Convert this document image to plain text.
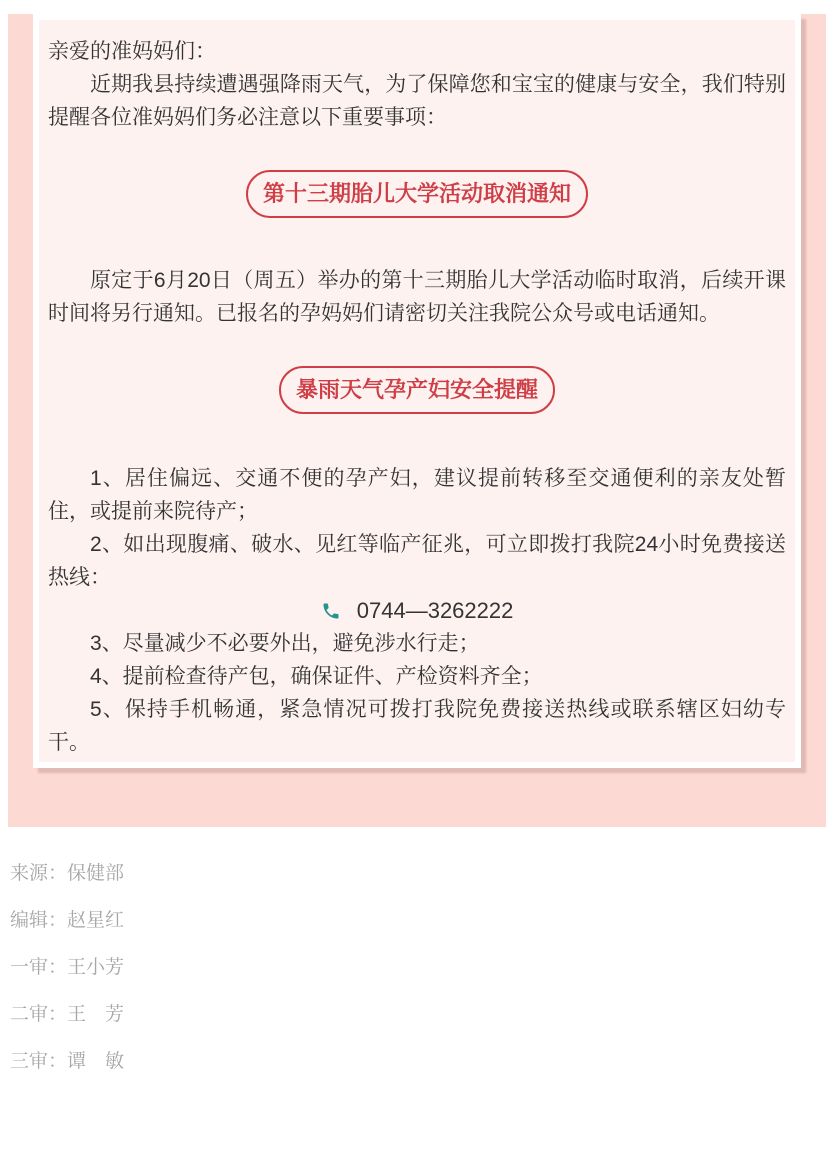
亲爱的准妈妈们：

近期我县持续遭遇强降雨天气，为了保障您和宝宝的健康与安全，我们特别提醒各位准妈妈们务必注意以下重要事项：

第十三期胎儿大学活动取消通知

原定于6月20日（周五）举办的第十三期胎儿大学活动临时取消，后续开课时间将另行通知。已报名的孕妈妈们请密切关注我院公众号或电话通知。

暴雨天气孕产妇安全提醒

1、居住偏远、交通不便的孕产妇，建议提前转移至交通便利的亲友处暂住，或提前来院待产；

2、如出现腹痛、破水、见红等临产征兆，可立即拨打我院24小时免费接送热线：

0744—3262222

3、尽量减少不必要外出，避免涉水行走；

4、提前检查待产包，确保证件、产检资料齐全；

5、保持手机畅通，紧急情况可拨打我院免费接送热线或联系辖区妇幼专干。

来源：保健部

编辑：赵星红

一审：王小芳

二审：王　芳

三审：谭　敏
